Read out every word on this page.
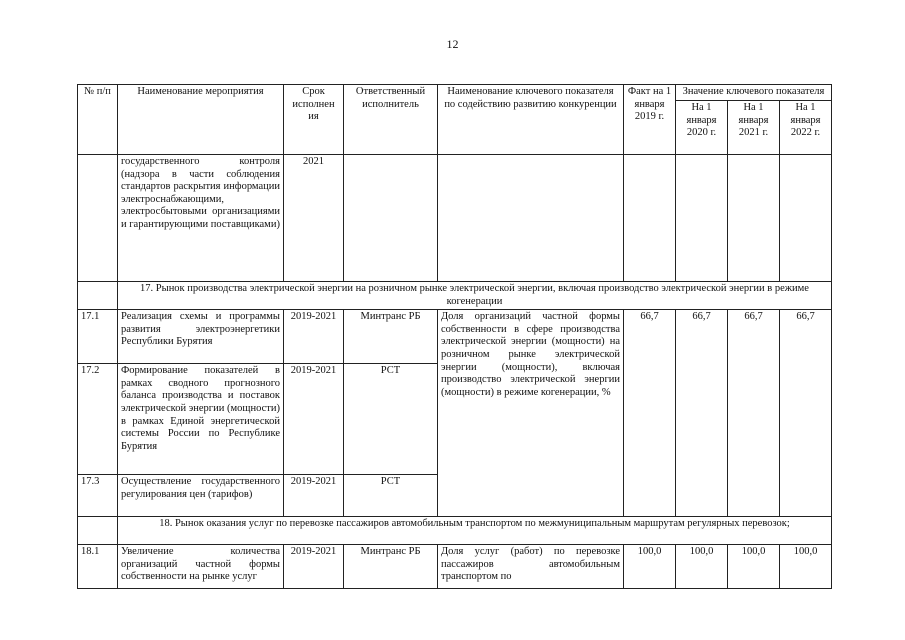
12
№ п/п	Наименование мероприятия	Срок исполнен ия	Ответственный исполнитель	Наименование ключевого показателя по содействию развитию конкуренции	Факт на 1 января 2019 г.	Значение ключевого показателя		
						На 1 января 2020 г.	На 1 января 2021 г.	На 1 января 2022 г.
	государственного контроля (надзора в части соблюдения стандартов раскрытия информации электроснабжающими, электросбытовыми организациями и гарантирующими поставщиками)	2021						
	17. Рынок производства электрической энергии на розничном рынке электрической энергии, включая производство электрической энергии в режиме когенерации							
17.1	Реализация схемы и программы развития электроэнергетики Республики Бурятия	2019-2021	Минтранс РБ	Доля организаций частной формы собственности в сфере производства электрической энергии (мощности) на розничном рынке электрической энергии (мощности), включая производство электрической энергии (мощности) в режиме когенерации, %	66,7	66,7	66,7	66,7
17.2	Формирование показателей в рамках сводного прогнозного баланса производства и поставок электрической энергии (мощности) в рамках Единой энергетической системы России по Республике Бурятия	2019-2021	РСТ					
17.3	Осуществление государственного регулирования цен (тарифов)	2019-2021	РСТ					
	18. Рынок оказания услуг по перевозке пассажиров автомобильным транспортом по межмуниципальным маршрутам регулярных перевозок;							
18.1	Увеличение количества организаций частной формы собственности на рынке услуг	2019-2021	Минтранс РБ	Доля услуг (работ) по перевозке пассажиров автомобильным транспортом по	100,0	100,0	100,0	100,0
